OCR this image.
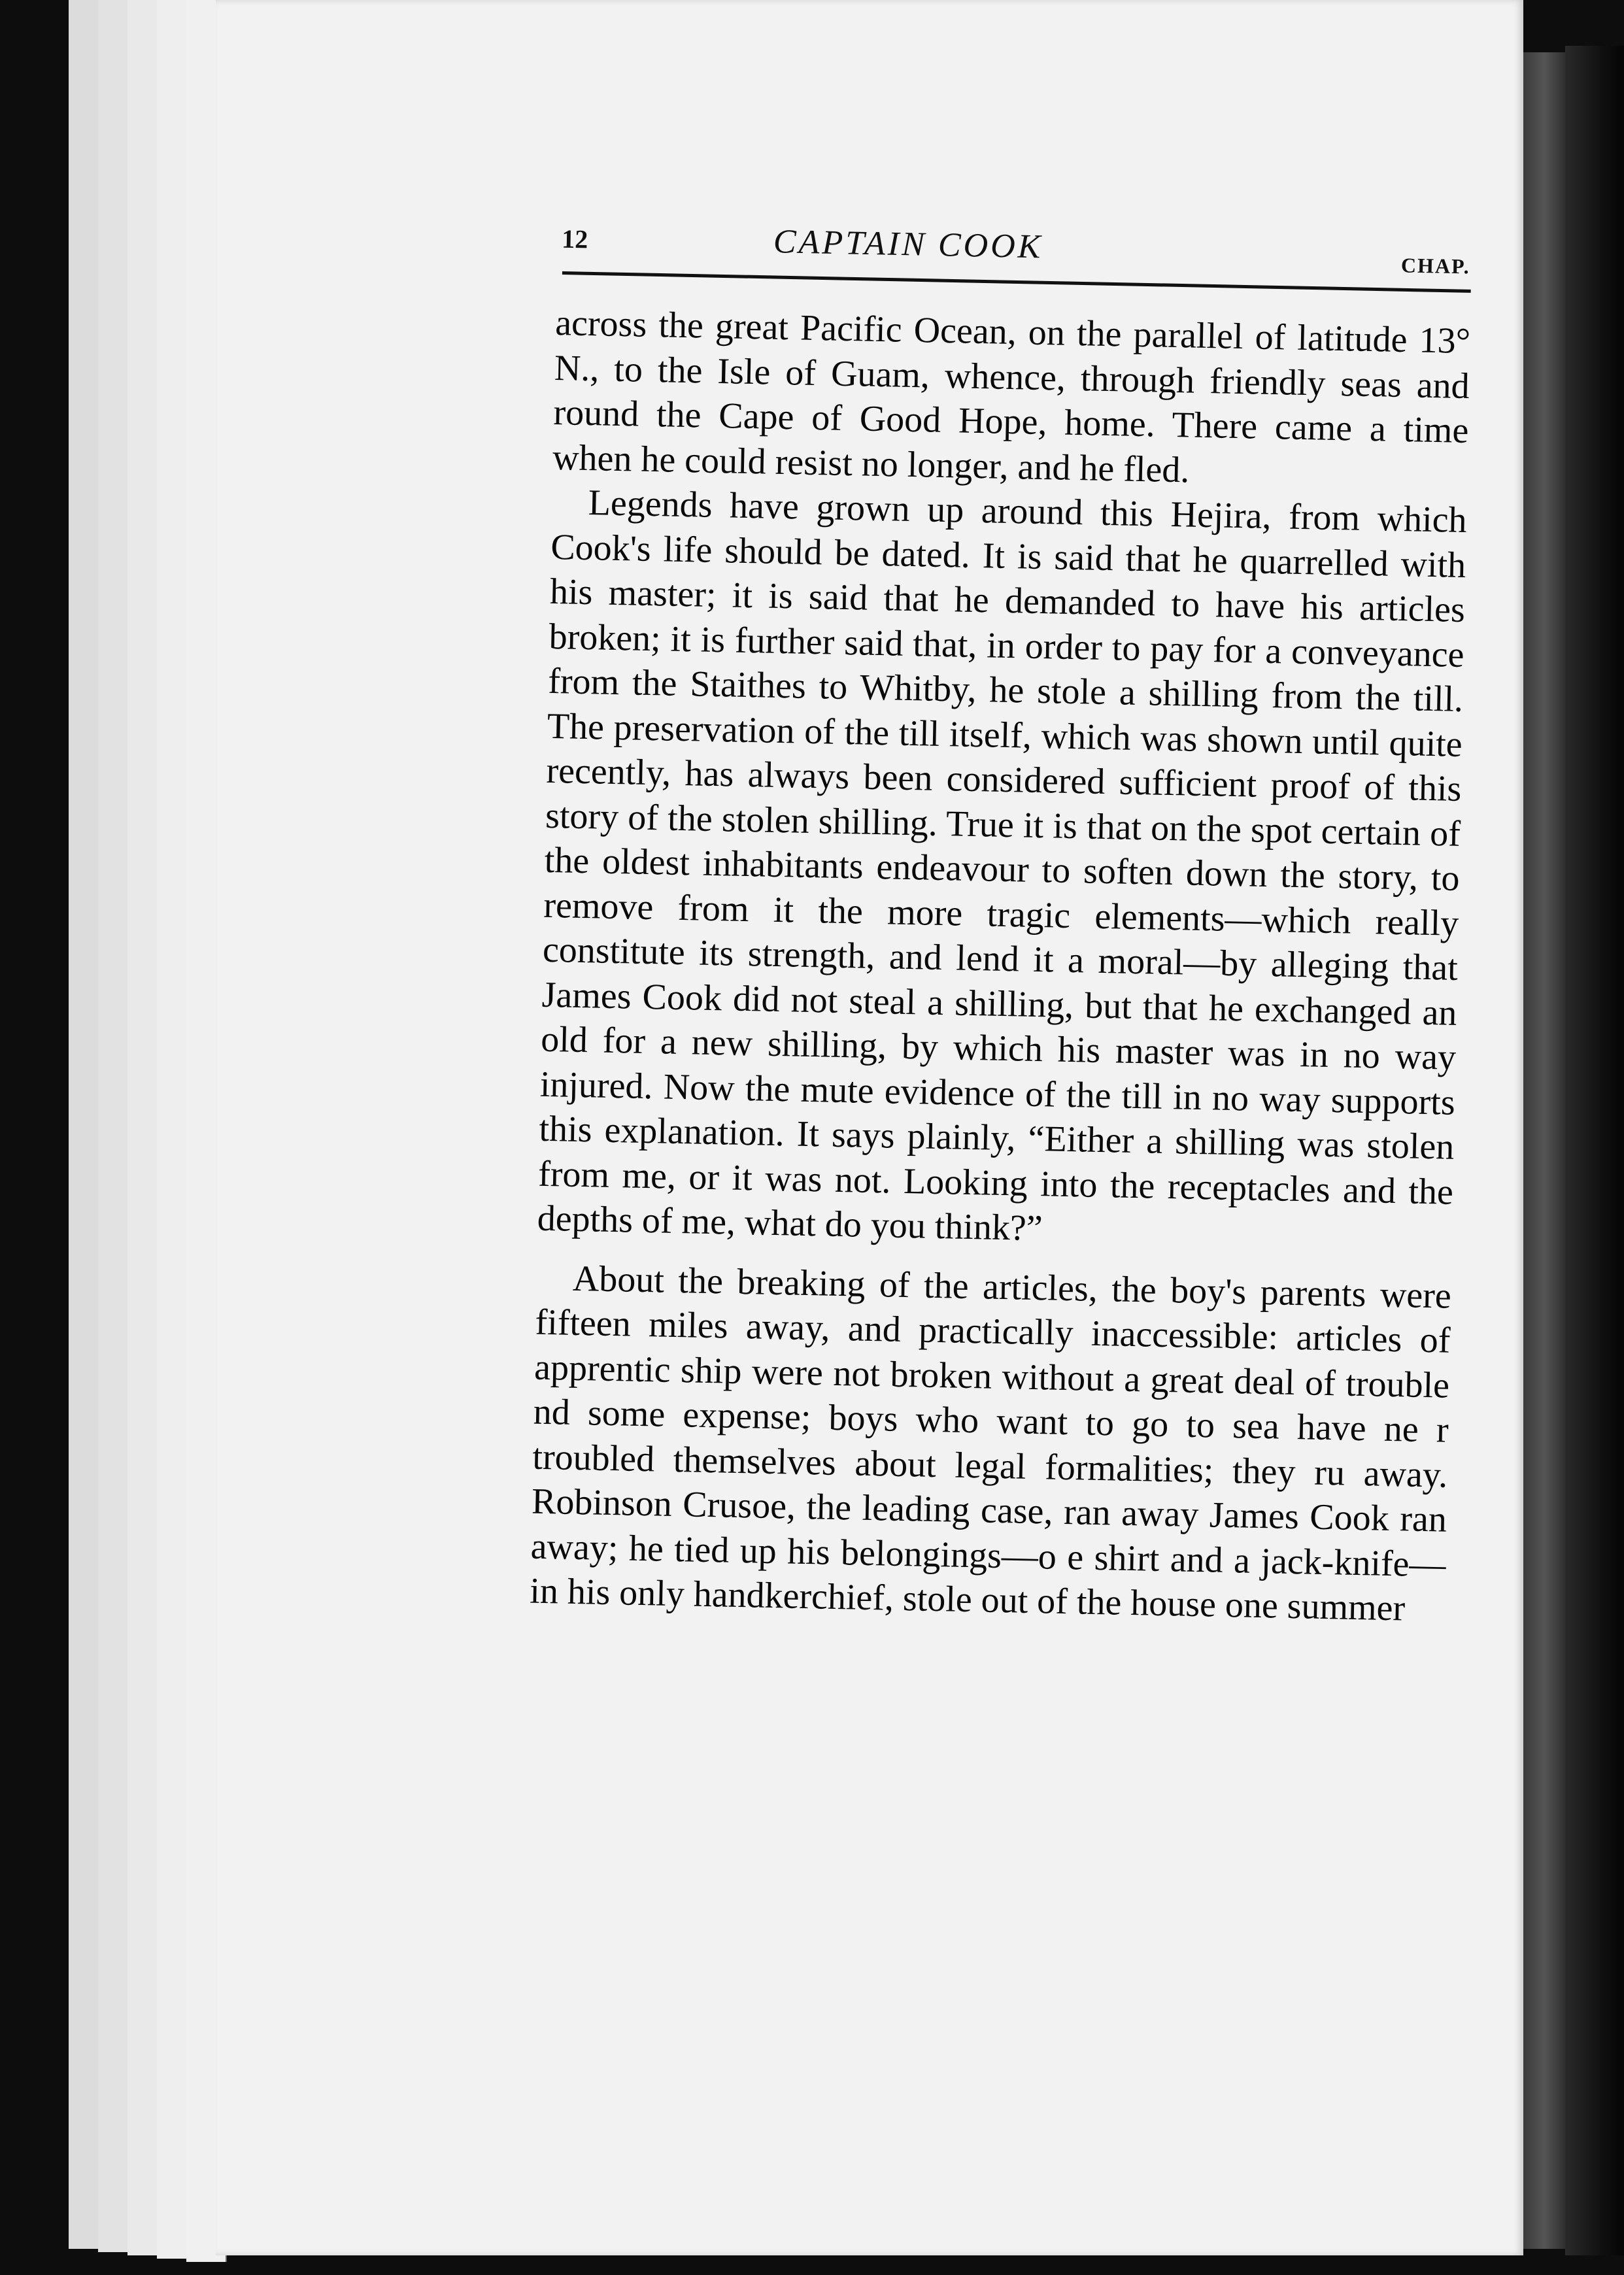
12	CAPTAIN COOK
CHAP.

across the great Pacific Ocean, on the parallel of latitude 13° N., to the Isle of Guam, whence, through friendly seas and round the Cape of Good Hope, home. There came a time when he could resist no longer, and he fled.

Legends have grown up around this Hejira, from which Cook's life should be dated. It is said that he quarrelled with his master; it is said that he demanded to have his articles broken; it is further said that, in order to pay for a conveyance from the Staithes to Whitby, he stole a shilling from the till. The preservation of the till itself, which was shown until quite recently, has always been considered sufficient proof of this story of the stolen shilling. True it is that on the spot certain of the oldest inhabitants endeavour to soften down the story, to remove from it the more tragic elements—which really constitute its strength, and lend it a moral—by alleging that James Cook did not steal a shilling, but that he exchanged an old for a new shilling, by which his master was in no way injured. Now the mute evidence of the till in no way supports this explanation. It says plainly, “Either a shilling was stolen from me, or it was not. Looking into the receptacles and the depths of me, what do you think?”

About the breaking of the articles, the boy's parents were fifteen miles away, and practically inaccessible: articles of apprentic ship were not broken without a great deal of trouble nd some expense; boys who want to go to sea have ne r troubled themselves about legal formalities; they ru away. Robinson Crusoe, the leading case, ran away James Cook ran away; he tied up his belongings—o e shirt and a jack-knife—in his only handkerchief, stole out of the house one summer
